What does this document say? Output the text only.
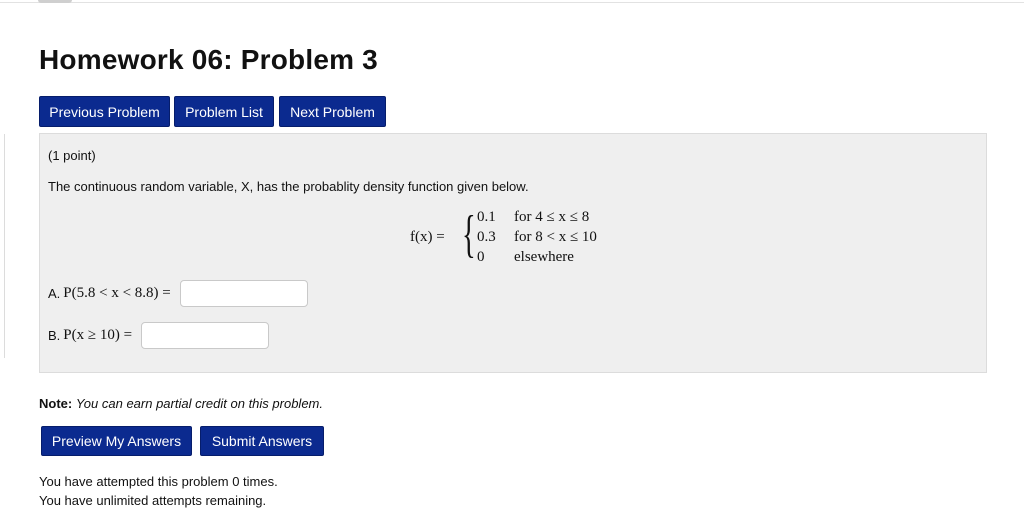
Homework 06: Problem 3
Previous Problem	Problem List	Next Problem
(1 point)
The continuous random variable, X, has the probablity density function given below.
f(x) = { 0.1 for 4 ≤ x ≤ 8
0.3 for 8 < x ≤ 10
0 elsewhere
A. P(5.8 < x < 8.8) =
B. P(x ≥ 10) =
Note: You can earn partial credit on this problem.
Preview My Answers	Submit Answers
You have attempted this problem 0 times.
You have unlimited attempts remaining.
